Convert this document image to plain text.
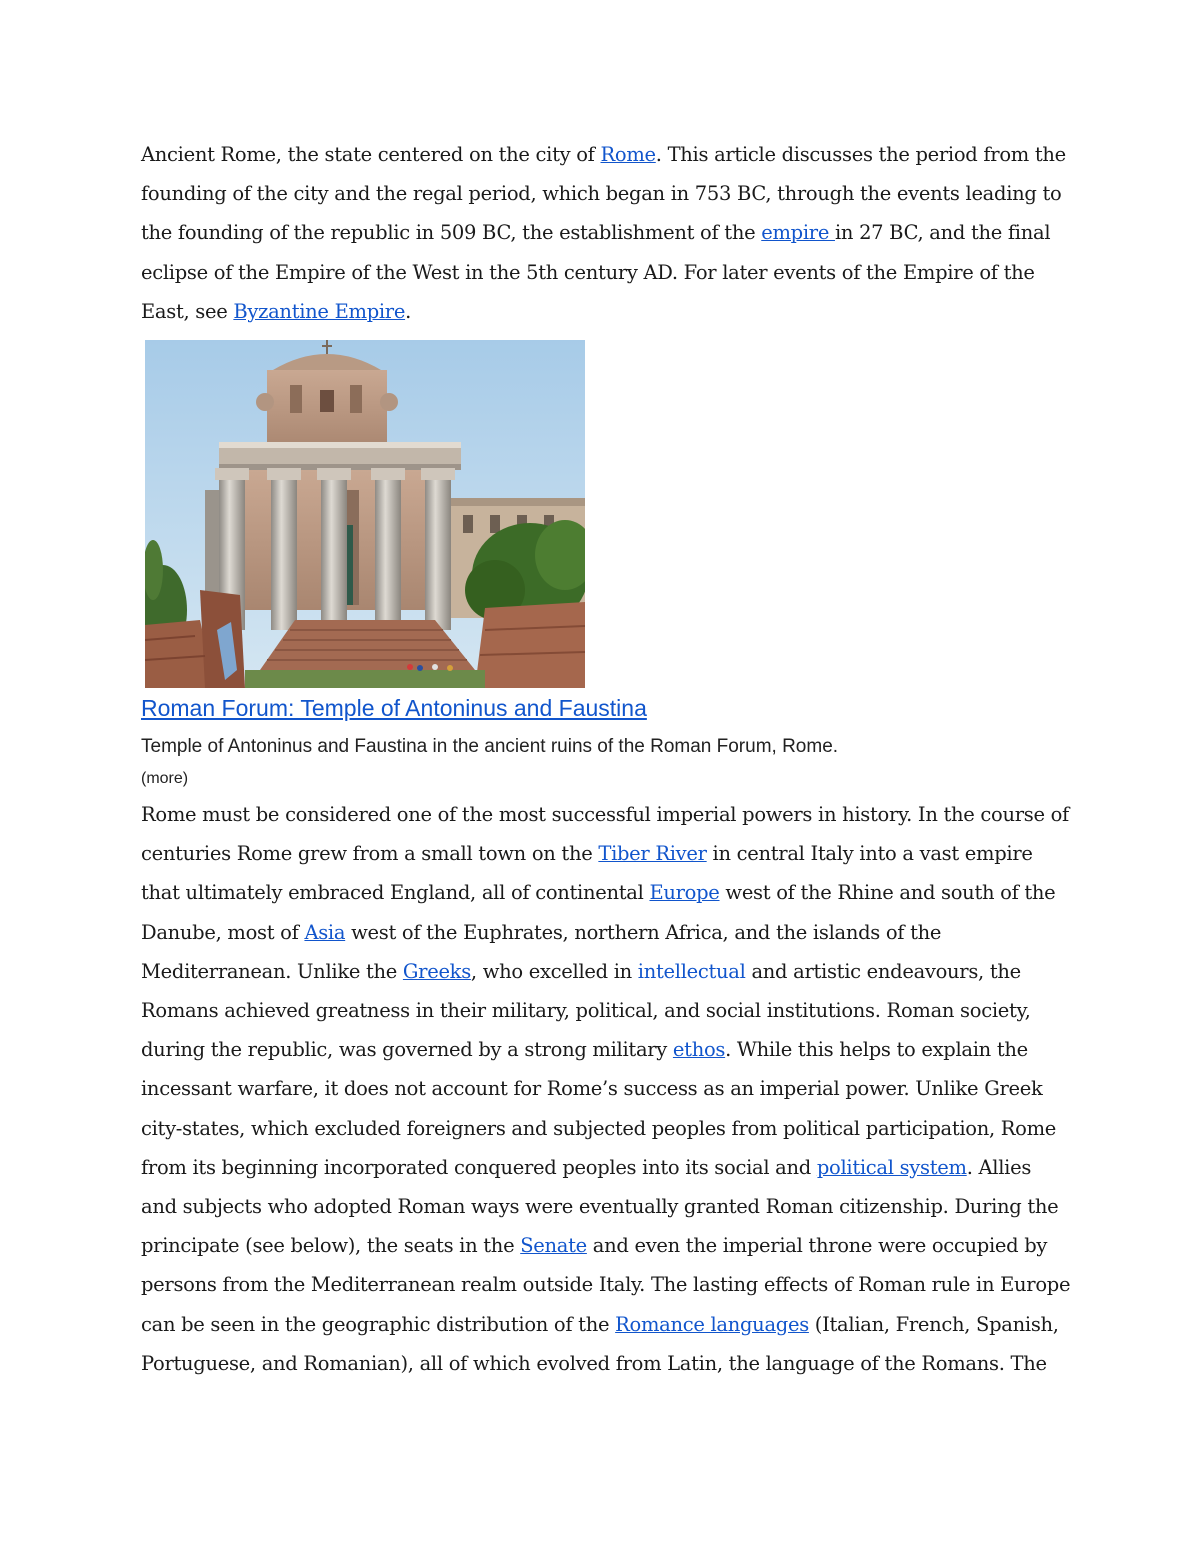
Ancient Rome, the state centered on the city of Rome. This article discusses the period from the founding of the city and the regal period, which began in 753 BC, through the events leading to the founding of the republic in 509 BC, the establishment of the empire in 27 BC, and the final eclipse of the Empire of the West in the 5th century AD. For later events of the Empire of the East, see Byzantine Empire.

Roman Forum: Temple of Antoninus and Faustina

Temple of Antoninus and Faustina in the ancient ruins of the Roman Forum, Rome.

(more)

Rome must be considered one of the most successful imperial powers in history. In the course of centuries Rome grew from a small town on the Tiber River in central Italy into a vast empire that ultimately embraced England, all of continental Europe west of the Rhine and south of the Danube, most of Asia west of the Euphrates, northern Africa, and the islands of the Mediterranean. Unlike the Greeks, who excelled in intellectual and artistic endeavours, the Romans achieved greatness in their military, political, and social institutions. Roman society, during the republic, was governed by a strong military ethos. While this helps to explain the incessant warfare, it does not account for Rome’s success as an imperial power. Unlike Greek city-states, which excluded foreigners and subjected peoples from political participation, Rome from its beginning incorporated conquered peoples into its social and political system. Allies and subjects who adopted Roman ways were eventually granted Roman citizenship. During the principate (see below), the seats in the Senate and even the imperial throne were occupied by persons from the Mediterranean realm outside Italy. The lasting effects of Roman rule in Europe can be seen in the geographic distribution of the Romance languages (Italian, French, Spanish, Portuguese, and Romanian), all of which evolved from Latin, the language of the Romans. The
